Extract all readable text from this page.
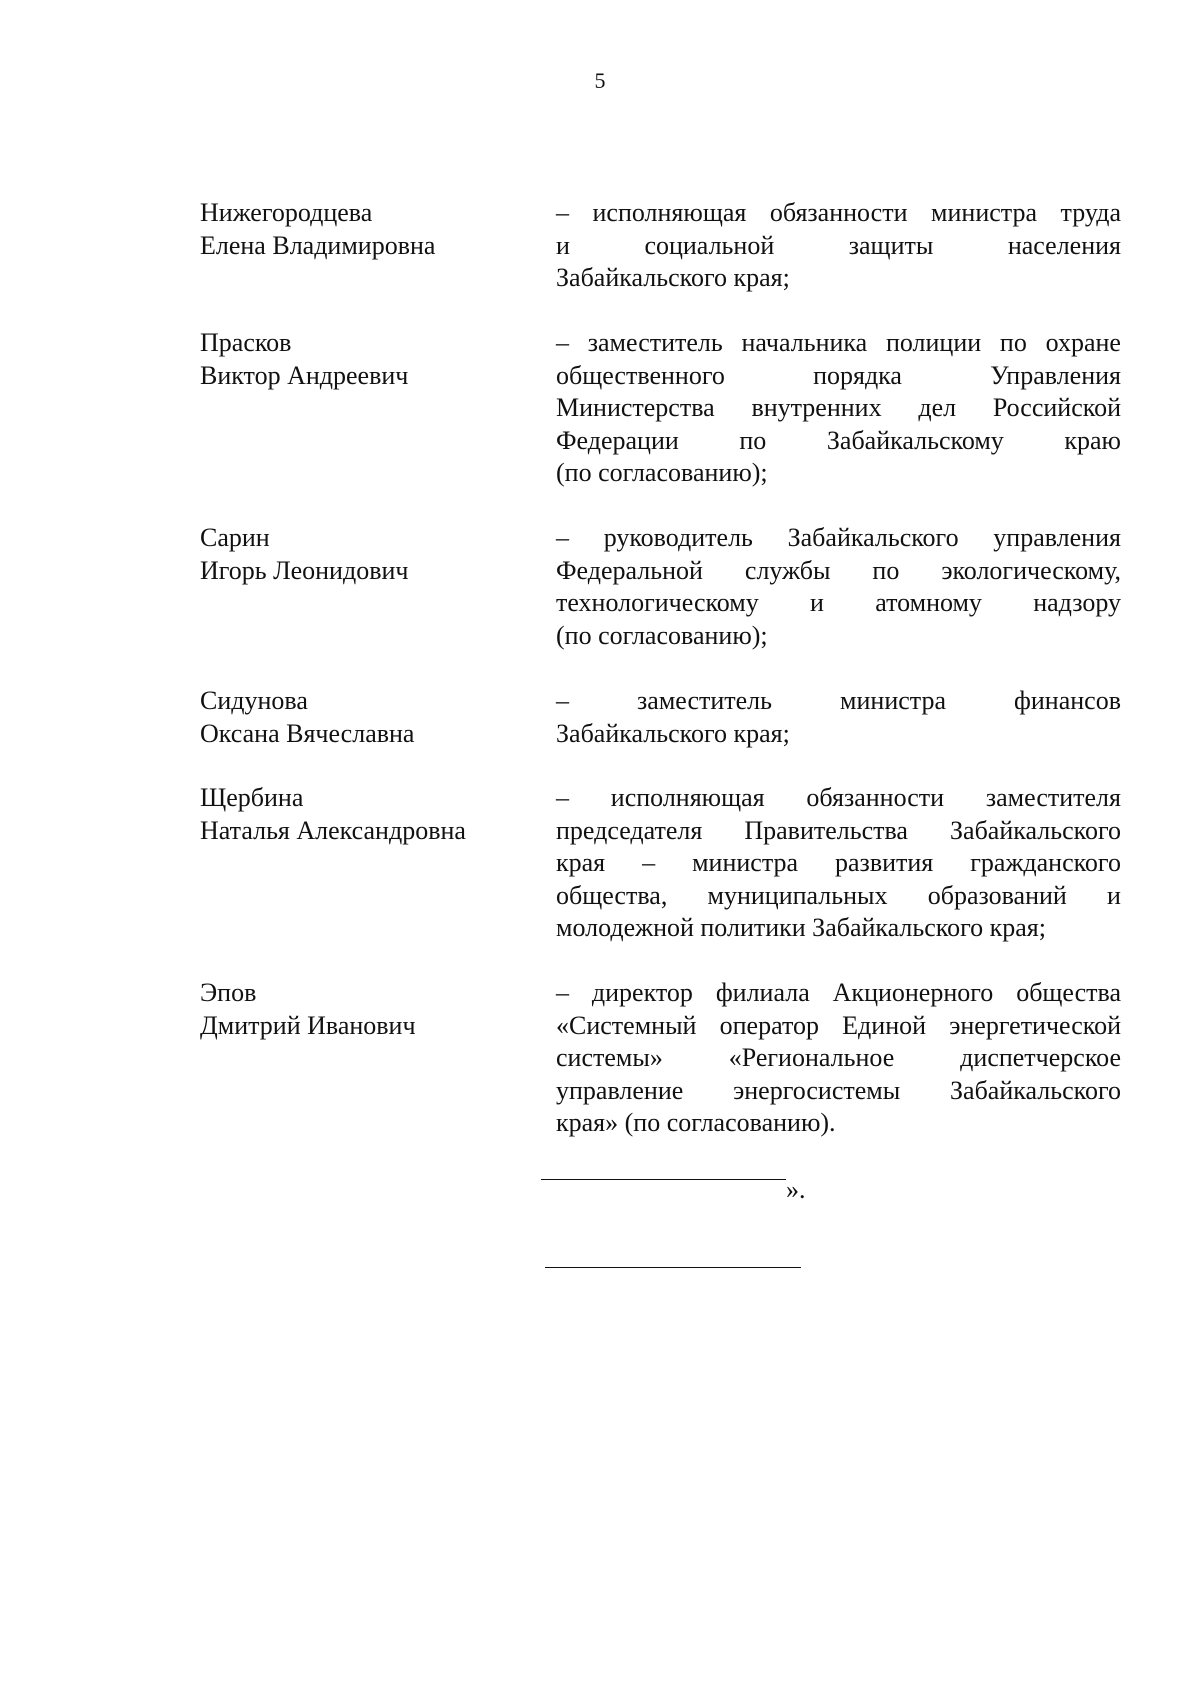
5
Нижегородцева
Елена Владимировна
– исполняющая обязанности министра труда
и	социальной	защиты	населения
Забайкальского края;
Прасков
Виктор Андреевич
– заместитель начальника полиции по охране
общественного	порядка	Управления
Министерства внутренних дел Российской
Федерации по Забайкальскому краю
(по согласованию);
Сарин
Игорь Леонидович
– руководитель Забайкальского управления
Федеральной службы по экологическому,
технологическому и атомному надзору
(по согласованию);
Сидунова
Оксана Вячеславна
–	заместитель	министра	финансов
Забайкальского края;
Щербина
Наталья Александровна
– исполняющая обязанности заместителя
председателя Правительства Забайкальского
края – министра развития гражданского
общества, муниципальных образований и
молодежной политики Забайкальского края;
Эпов
Дмитрий Иванович
– директор филиала Акционерного общества
«Системный оператор Единой энергетической
системы»	«Региональное	диспетчерское
управление энергосистемы Забайкальского
края» (по согласованию).
».
